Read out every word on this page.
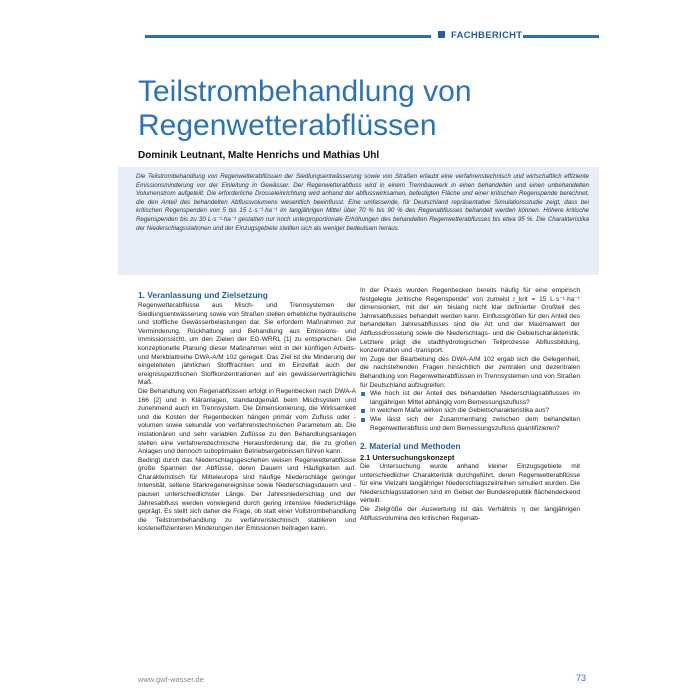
FACHBERICHT
Teilstrombehandlung von Regenwetterabflüssen
Dominik Leutnant, Malte Henrichs und Mathias Uhl
Die Teilstrombehandlung von Regenwetterabflüssen der Siedlungsentwässerung sowie von Straßen erlaubt eine verfahrenstechnisch und wirtschaftlich effiziente Emissionsminderung vor der Einleitung in Gewässer. Der Regenwetterabfluss wird in einem Trennbauwerk in einen behandelten und einen unbehandelten Volumenstrom aufgeteilt. Die erforderliche Drosseleinrichtung wird anhand der abflusswirksamen, befestigten Fläche und einer kritischen Regenspende berechnet, die den Anteil des behandelten Abflussvolumens wesentlich beeinflusst. Eine umfassende, für Deutschland repräsentative Simulationsstudie zeigt, dass bei kritischen Regenspenden von 5 bis 15 L·s⁻¹·ha⁻¹ im langjährigen Mittel über 70 % bis 90 % des Regenabflusses behandelt werden können. Höhere kritische Regenspenden bis zu 30 L·s⁻¹·ha⁻¹ gestatten nur noch unterproportionale Erhöhungen des behandelten Regenwetterabflusses bis etwa 95 %. Die Charakteristika der Niederschlagsstationen und der Einzugsgebiete stellten sich als weniger bedeutsam heraus.
1. Veranlassung und Zielsetzung

Regenwetterabflüsse aus Misch- und Trennsystemen der Siedlungsentwässerung sowie von Straßen stellen erhebliche hydraulische und stoffliche Gewässerbelastungen dar. Sie erfordern Maßnahmen zur Verminderung, Rückhaltung und Behandlung aus Emissions- und Immissionssicht, um den Zielen der EG-WRRL [1] zu entsprechen. Die konzeptionelle Planung dieser Maßnahmen wird in der künftigen Arbeits- und Merkblattreihe DWA-A/M 102 geregelt. Das Ziel ist die Minderung der eingeleiteten jährlichen Stofffrachten und im Einzelfall auch der ereignisspezifischen Stoffkonzentrationen auf ein gewässerverträgliches Maß.

Die Behandlung von Regenabflüssen erfolgt in Regenbecken nach DWA-A 166 [2] und in Kläranlagen, standardgemäß beim Mischsystem und zunehmend auch im Trennsystem. Die Dimensionierung, die Wirksamkeit und die Kosten der Regenbecken hängen primär vom Zufluss oder -volumen sowie sekundär von verfahrenstechnischen Parametern ab. Die instationären und sehr variablen Zuflüsse zu den Behandlungsanlagen stellen eine verfahrenstechnische Herausforderung dar, die zu großen Anlagen und dennoch suboptimalen Betriebsergebnissen führen kann.

Bedingt durch das Niederschlagsgeschehen weisen Regenwetterabflüsse große Spannen der Abflüsse, deren Dauern und Häufigkeiten auf. Charakteristisch für Mitteleuropa sind häufige Niederschläge geringer Intensität, seltene Starkregenereignisse sowie Niederschlagsdauern und -pausen unterschiedlichster Länge. Der Jahresniederschlag und der Jahresabfluss werden vorwiegend durch gering intensive Niederschläge geprägt. Es stellt sich daher die Frage, ob statt einer Vollstrombehandlung die Teilstrombehandlung zu verfahrenstechnisch stabileren und kosteneffizienteren Minderungen der Emissionen beitragen kann.

In der Praxis wurden Regenbecken bereits häufig für eine empirisch festgelegte „kritische Regenspende“ von zumeist r_krit = 15 L·s⁻¹·ha⁻¹ dimensioniert, mit der ein bislang nicht klar definierter Großteil des Jahresabflusses behandelt werden kann. Einflussgrößen für den Anteil des behandelten Jahresabflusses sind die Art und der Maximalwert der Abflussdrosselung sowie die Niederschlags- und die Gebietscharakteristik. Letztere prägt die stadthydrologischen Teilprozesse Abflussbildung, konzentration und -transport.

Im Zuge der Bearbeitung des DWA-A/M 102 ergab sich die Gelegenheit, die nachstehenden Fragen hinsichtlich der zentralen und dezentralen Behandlung von Regenwetterabflüssen in Trennsystemen und von Straßen für Deutschland aufzugreifen:

Wie hoch ist der Anteil des behandelten Niederschlagsabflusses im langjährigen Mittel abhängig vom Bemessungszufluss?
In welchem Maße wirken sich die Gebietscharakteristika aus?
Wie lässt sich der Zusammenhang zwischen dem behandelten Regenwetterabfluss und dem Bemessungszufluss quantifizieren?
2. Material und Methoden
2.1 Untersuchungskonzept

Die Untersuchung wurde anhand kleiner Einzugsgebiete mit unterschiedlicher Charakteristik durchgeführt, deren Regenwetterabflüsse für eine Vielzahl langjähriger Niederschlagszeitreihen simuliert wurden. Die Niederschlagsstationen sind im Gebiet der Bundesrepublik flächendeckend verteilt.

Die Zielgröße der Auswertung ist das Verhältnis η der langjährigen Abflussvolumina des kritischen Regenab-

www.gwf-wasser.de	73
